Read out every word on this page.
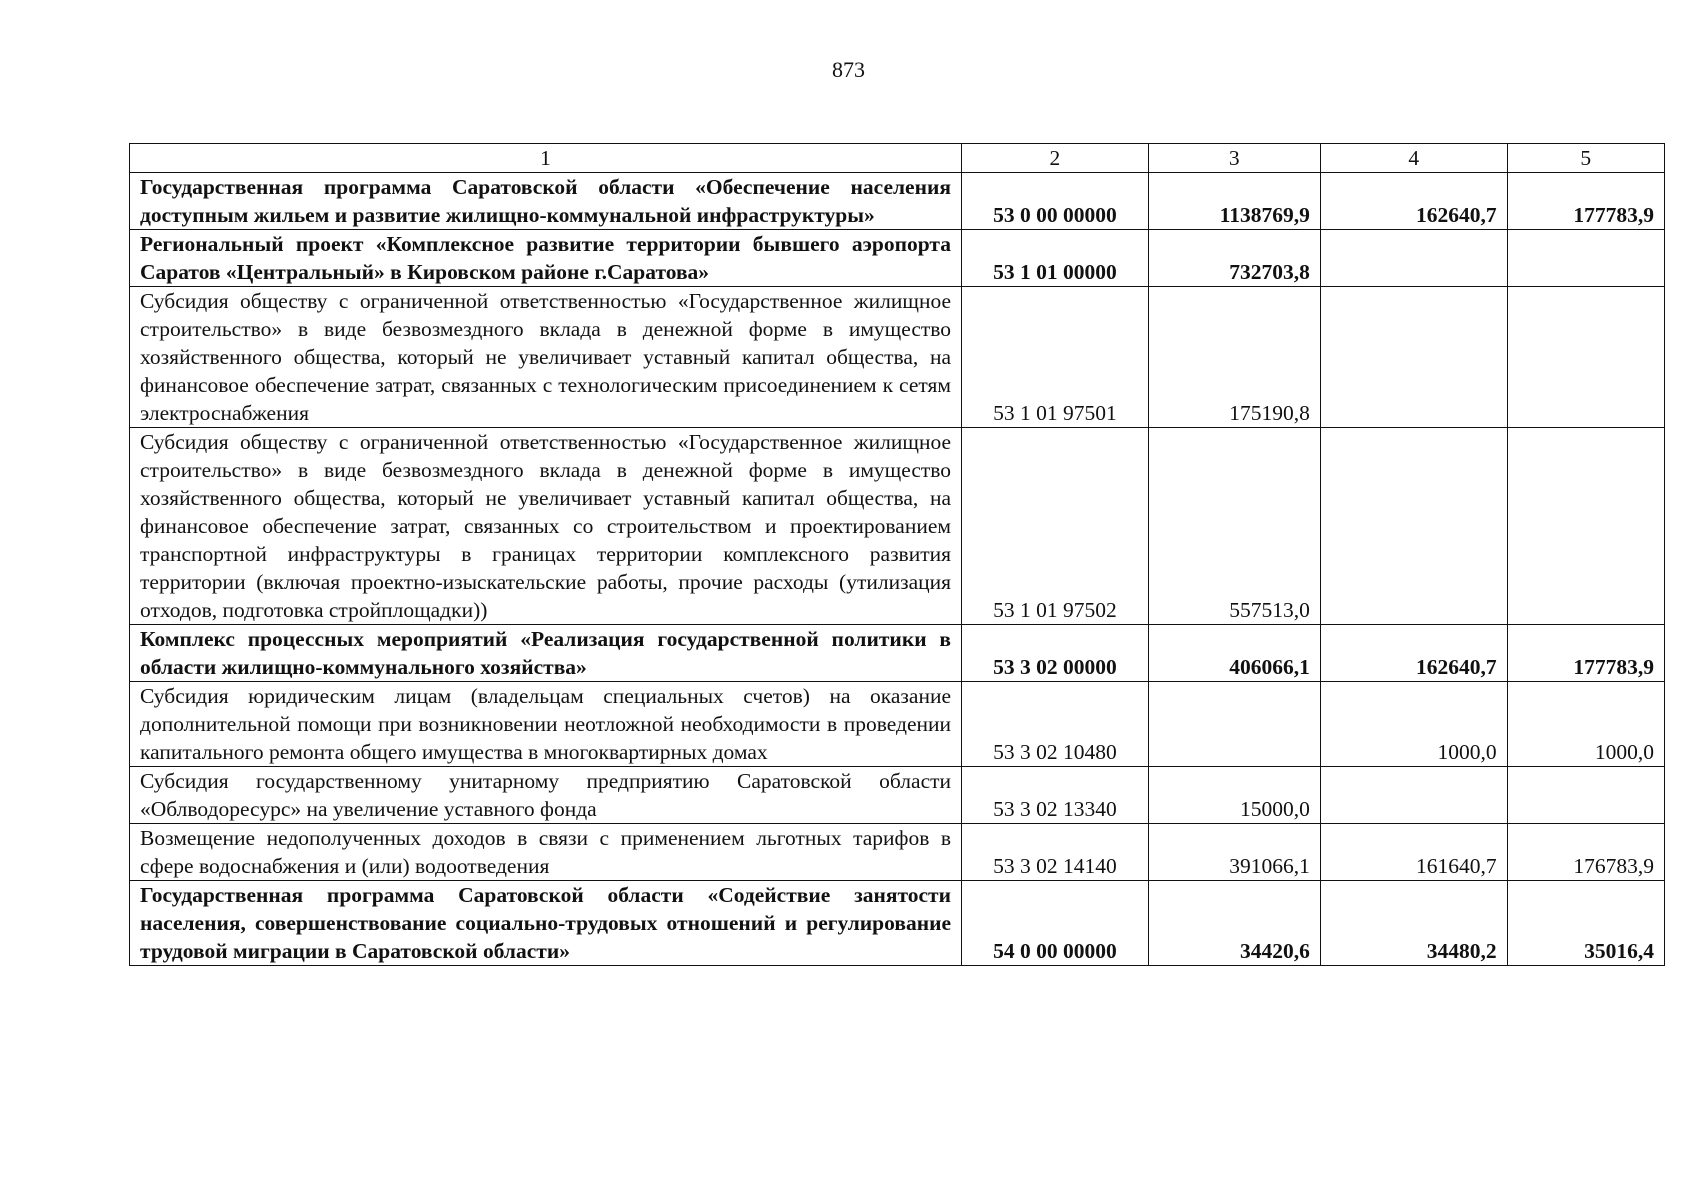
873
1	2	3	4	5
Государственная программа Саратовской области «Обеспечение населения доступным жильем и развитие жилищно-коммунальной инфраструктуры»	53 0 00 00000	1138769,9	162640,7	177783,9
Региональный проект «Комплексное развитие территории бывшего аэропорта Саратов «Центральный» в Кировском районе г.Саратова»	53 1 01 00000	732703,8		
Субсидия обществу с ограниченной ответственностью «Государственное жилищное строительство» в виде безвозмездного вклада в денежной форме в имущество хозяйственного общества, который не увеличивает уставный капитал общества, на финансовое обеспечение затрат, связанных с технологическим присоединением к сетям электроснабжения	53 1 01 97501	175190,8		
Субсидия обществу с ограниченной ответственностью «Государственное жилищное строительство» в виде безвозмездного вклада в денежной форме в имущество хозяйственного общества, который не увеличивает уставный капитал общества, на финансовое обеспечение затрат, связанных со строительством и проектированием транспортной инфраструктуры в границах территории комплексного развития территории (включая проектно-изыскательские работы, прочие расходы (утилизация отходов, подготовка стройплощадки))	53 1 01 97502	557513,0		
Комплекс процессных мероприятий «Реализация государственной политики в области жилищно-коммунального хозяйства»	53 3 02 00000	406066,1	162640,7	177783,9
Субсидия юридическим лицам (владельцам специальных счетов) на оказание дополнительной помощи при возникновении неотложной необходимости в проведении капитального ремонта общего имущества в многоквартирных домах	53 3 02 10480		1000,0	1000,0
Субсидия государственному унитарному предприятию Саратовской области «Облводоресурс» на увеличение уставного фонда	53 3 02 13340	15000,0		
Возмещение недополученных доходов в связи с применением льготных тарифов в сфере водоснабжения и (или) водоотведения	53 3 02 14140	391066,1	161640,7	176783,9
Государственная программа Саратовской области «Содействие занятости населения, совершенствование социально-трудовых отношений и регулирование трудовой миграции в Саратовской области»	54 0 00 00000	34420,6	34480,2	35016,4
